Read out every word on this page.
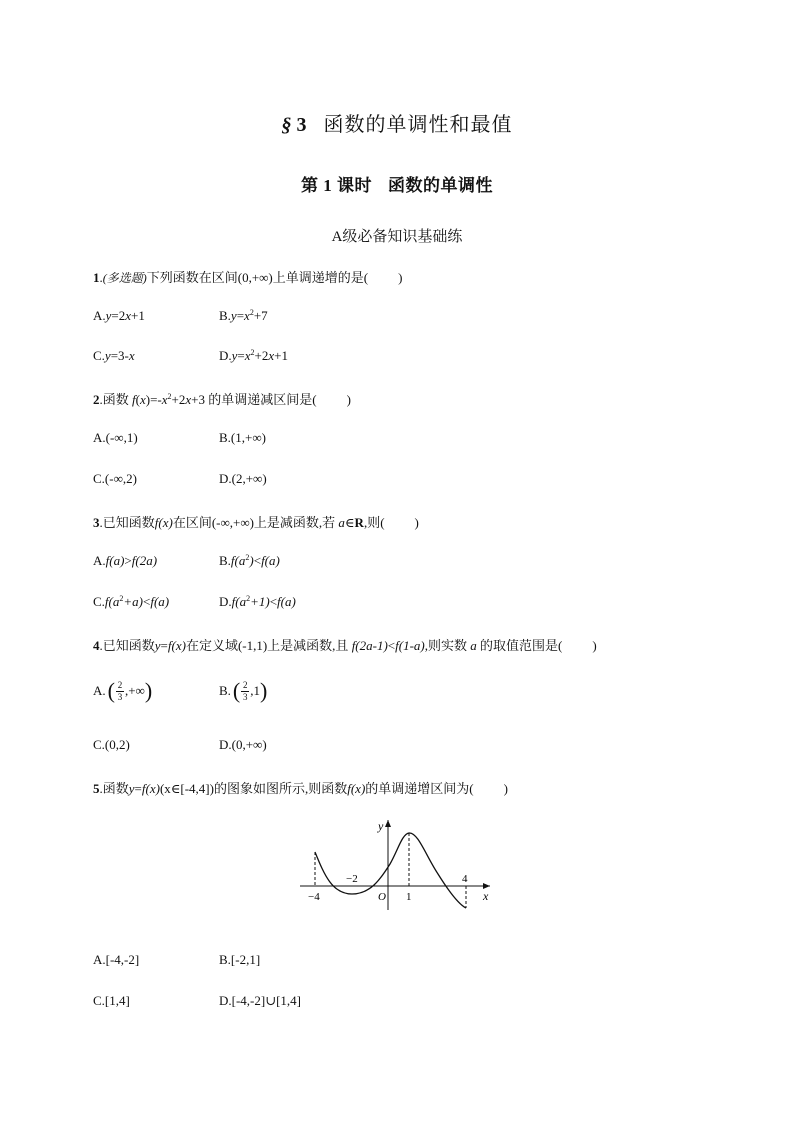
§ 3 函数的单调性和最值
第 1 课时 函数的单调性
A级必备知识基础练
1.(多选题)下列函数在区间(0,+∞)上单调递增的是( )
A.y=2x+1	$B.y=x^2+7$
C.y=3-x	$D.y=x^2+2x+1$
2.函数 $f(x)=-x^2+2x+3$ 的单调递减区间是( )
A.(-∞,1)	B.(1,+∞)
C.(-∞,2)	D.(2,+∞)
3.已知函数f(x)在区间(-∞,+∞)上是减函数,若 a∈R,则( )
A.f(a)>f(2a)	$B.f(a^2)<f(a)$
$C.f(a^2+a)<f(a)$	$D.f(a^2+1)<f(a)$
4.已知函数y=f(x)在定义域(-1,1)上是减函数,且 f(2a-1)<f(1-a),则实数 a 的取值范围是( )
A. ( $\frac{2}{3}$ ,+∞ )	B. ( $\frac{2}{3} ,1$ )
C.(0,2)	D.(0,+∞)
5.函数y=f(x)(x∈[-4,4])的图象如图所示,则函数f(x)的单调递增区间为( )
y
x
O
−4
−2
1
4
A.[-4,-2]	B.[-2,1]
C.[1,4]	D.[-4,-2]∪[1,4]
